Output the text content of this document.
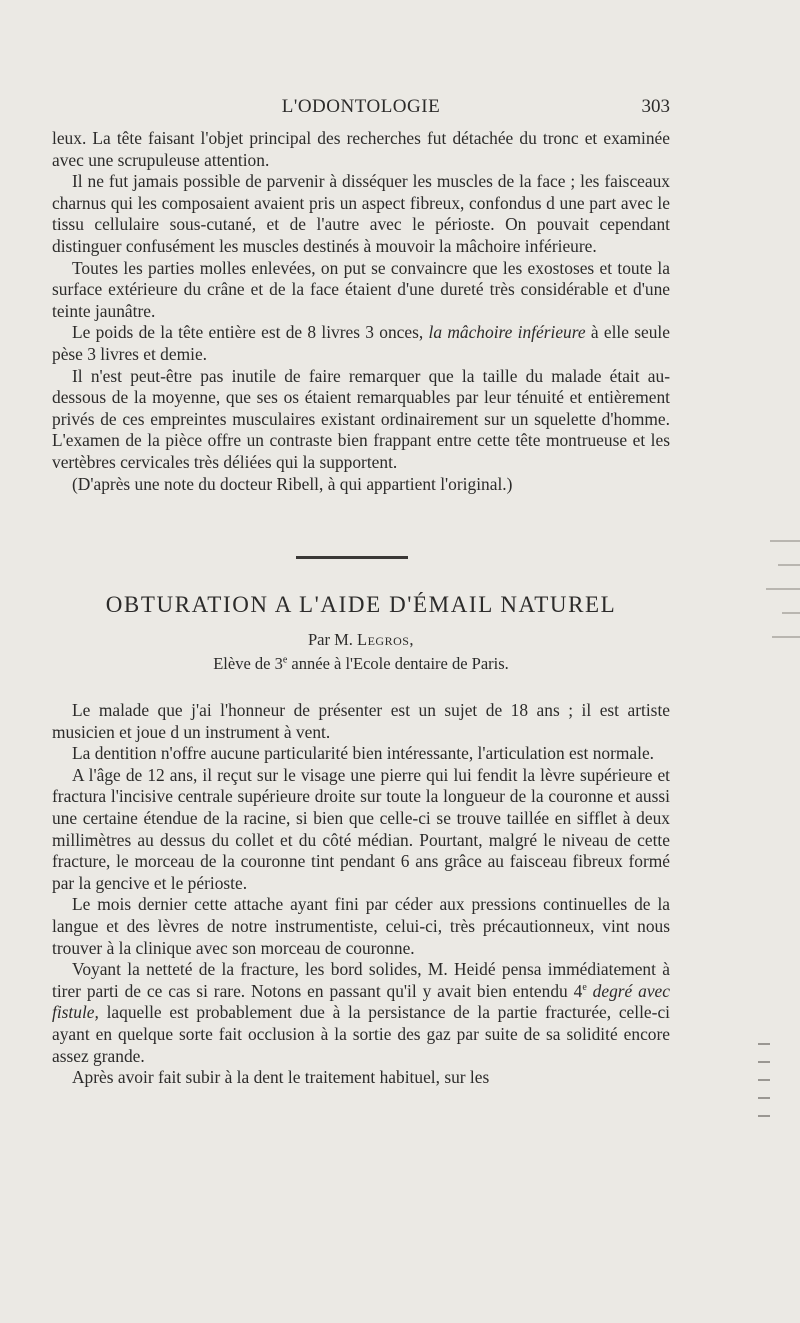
L'ODONTOLOGIE	303

leux. La tête faisant l'objet principal des recherches fut détachée du tronc et examinée avec une scrupuleuse attention.

Il ne fut jamais possible de parvenir à disséquer les muscles de la face ; les faisceaux charnus qui les composaient avaient pris un aspect fibreux, confondus d une part avec le tissu cellulaire sous-cutané, et de l'autre avec le périoste. On pouvait cependant distinguer confusément les muscles destinés à mouvoir la mâchoire inférieure.

Toutes les parties molles enlevées, on put se convaincre que les exostoses et toute la surface extérieure du crâne et de la face étaient d'une dureté très considérable et d'une teinte jaunâtre.

Le poids de la tête entière est de 8 livres 3 onces, la mâchoire inférieure à elle seule pèse 3 livres et demie.

Il n'est peut-être pas inutile de faire remarquer que la taille du malade était au-dessous de la moyenne, que ses os étaient remarquables par leur ténuité et entièrement privés de ces empreintes musculaires existant ordinairement sur un squelette d'homme. L'examen de la pièce offre un contraste bien frappant entre cette tête montrueuse et les vertèbres cervicales très déliées qui la supportent.

(D'après une note du docteur Ribell, à qui appartient l'original.)

OBTURATION A L'AIDE D'ÉMAIL NATUREL
Par M. Legros,
Elève de 3e année à l'Ecole dentaire de Paris.

Le malade que j'ai l'honneur de présenter est un sujet de 18 ans ; il est artiste musicien et joue d un instrument à vent.

La dentition n'offre aucune particularité bien intéressante, l'articulation est normale.

A l'âge de 12 ans, il reçut sur le visage une pierre qui lui fendit la lèvre supérieure et fractura l'incisive centrale supérieure droite sur toute la longueur de la couronne et aussi une certaine étendue de la racine, si bien que celle-ci se trouve taillée en sifflet à deux millimètres au dessus du collet et du côté médian. Pourtant, malgré le niveau de cette fracture, le morceau de la couronne tint pendant 6 ans grâce au faisceau fibreux formé par la gencive et le périoste.

Le mois dernier cette attache ayant fini par céder aux pressions continuelles de la langue et des lèvres de notre instrumentiste, celui-ci, très précautionneux, vint nous trouver à la clinique avec son morceau de couronne.

Voyant la netteté de la fracture, les bord solides, M. Heidé pensa immédiatement à tirer parti de ce cas si rare. Notons en passant qu'il y avait bien entendu 4e degré avec fistule, laquelle est probablement due à la persistance de la partie fracturée, celle-ci ayant en quelque sorte fait occlusion à la sortie des gaz par suite de sa solidité encore assez grande.

Après avoir fait subir à la dent le traitement habituel, sur les
